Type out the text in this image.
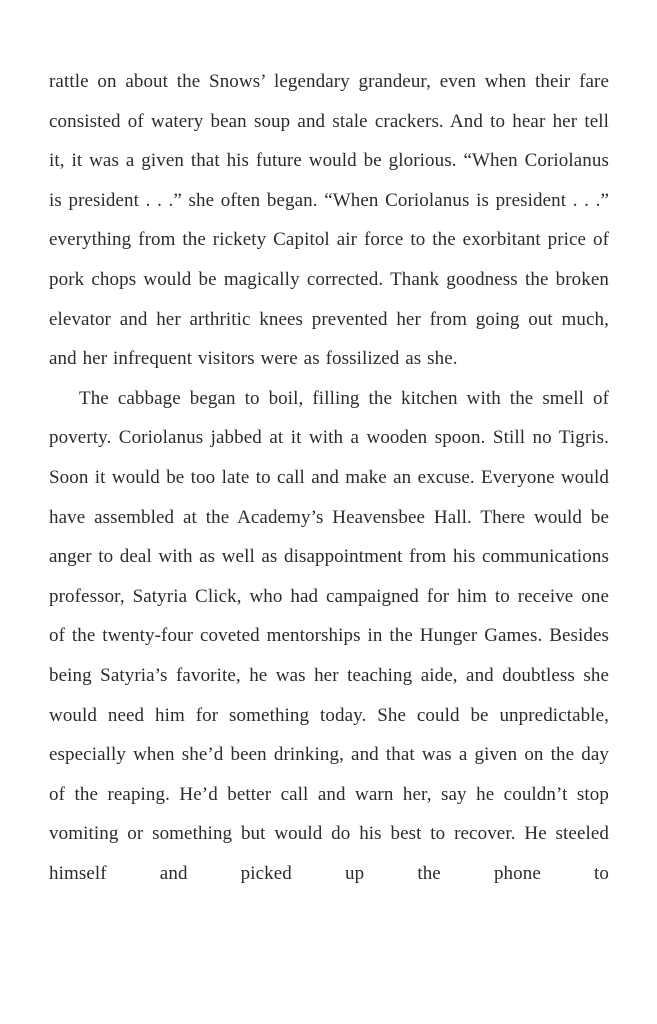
rattle on about the Snows’ legendary grandeur, even when their fare consisted of watery bean soup and stale crackers. And to hear her tell it, it was a given that his future would be glorious. “When Coriolanus is president . . .” she often began. “When Coriolanus is president . . .” everything from the rickety Capitol air force to the exorbitant price of pork chops would be magically corrected. Thank goodness the broken elevator and her arthritic knees prevented her from going out much, and her infrequent visitors were as fossilized as she.

The cabbage began to boil, filling the kitchen with the smell of poverty. Coriolanus jabbed at it with a wooden spoon. Still no Tigris. Soon it would be too late to call and make an excuse. Everyone would have assembled at the Academy’s Heavensbee Hall. There would be anger to deal with as well as disappointment from his communications professor, Satyria Click, who had campaigned for him to receive one of the twenty-four coveted mentorships in the Hunger Games. Besides being Satyria’s favorite, he was her teaching aide, and doubtless she would need him for something today. She could be unpredictable, especially when she’d been drinking, and that was a given on the day of the reaping. He’d better call and warn her, say he couldn’t stop vomiting or something but would do his best to recover. He steeled himself and picked up the phone to
